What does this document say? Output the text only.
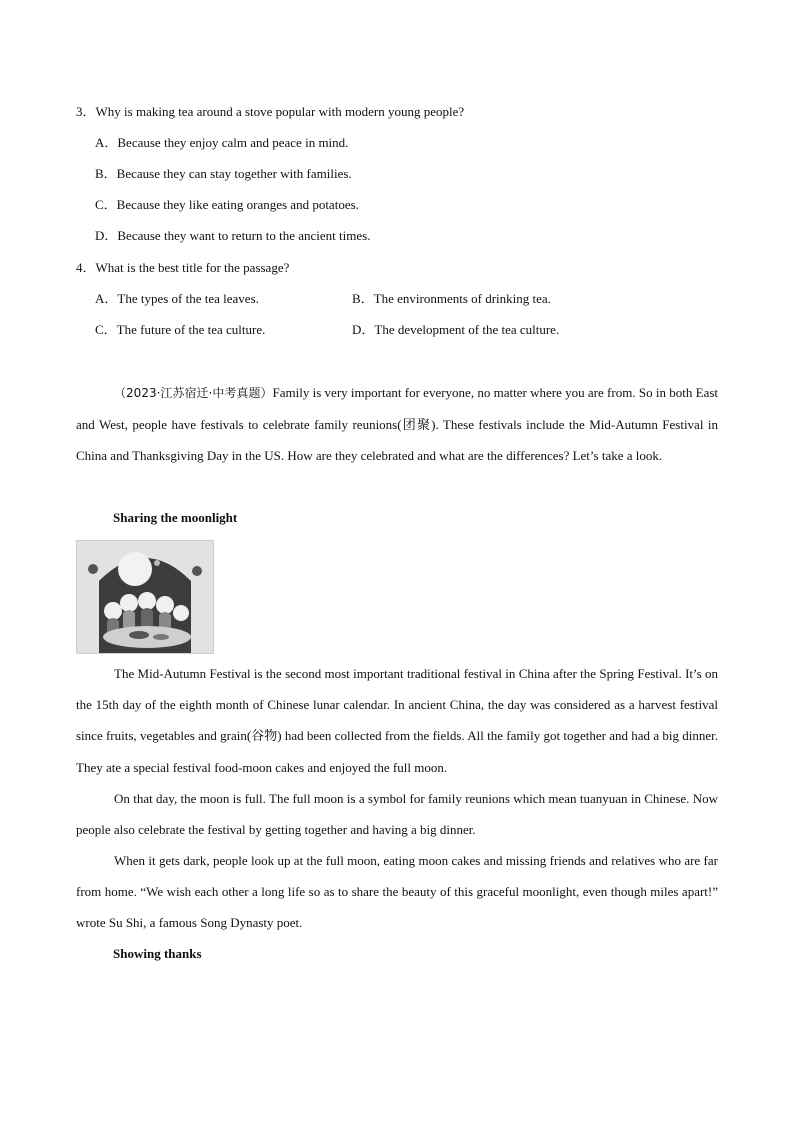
3．Why is making tea around a stove popular with modern young people?
A．Because they enjoy calm and peace in mind.
B．Because they can stay together with families.
C．Because they like eating oranges and potatoes.
D．Because they want to return to the ancient times.
4．What is the best title for the passage?
A．The types of the tea leaves.	B．The environments of drinking tea.
C．The future of the tea culture.	D．The development of the tea culture.
（2023·江苏宿迁·中考真题）Family is very important for everyone, no matter where you are from. So in both East and West, people have festivals to celebrate family reunions(团聚). These festivals include the Mid-Autumn Festival in China and Thanksgiving Day in the US. How are they celebrated and what are the differences? Let’s take a look.
Sharing the moonlight
The Mid-Autumn Festival is the second most important traditional festival in China after the Spring Festival. It’s on the 15th day of the eighth month of Chinese lunar calendar. In ancient China, the day was considered as a harvest festival since fruits, vegetables and grain(谷物) had been collected from the fields. All the family got together and had a big dinner. They ate a special festival food-moon cakes and enjoyed the full moon.
On that day, the moon is full. The full moon is a symbol for family reunions which mean tuanyuan in Chinese. Now people also celebrate the festival by getting together and having a big dinner.
When it gets dark, people look up at the full moon, eating moon cakes and missing friends and relatives who are far from home. “We wish each other a long life so as to share the beauty of this graceful moonlight, even though miles apart!” wrote Su Shi, a famous Song Dynasty poet.
Showing thanks
